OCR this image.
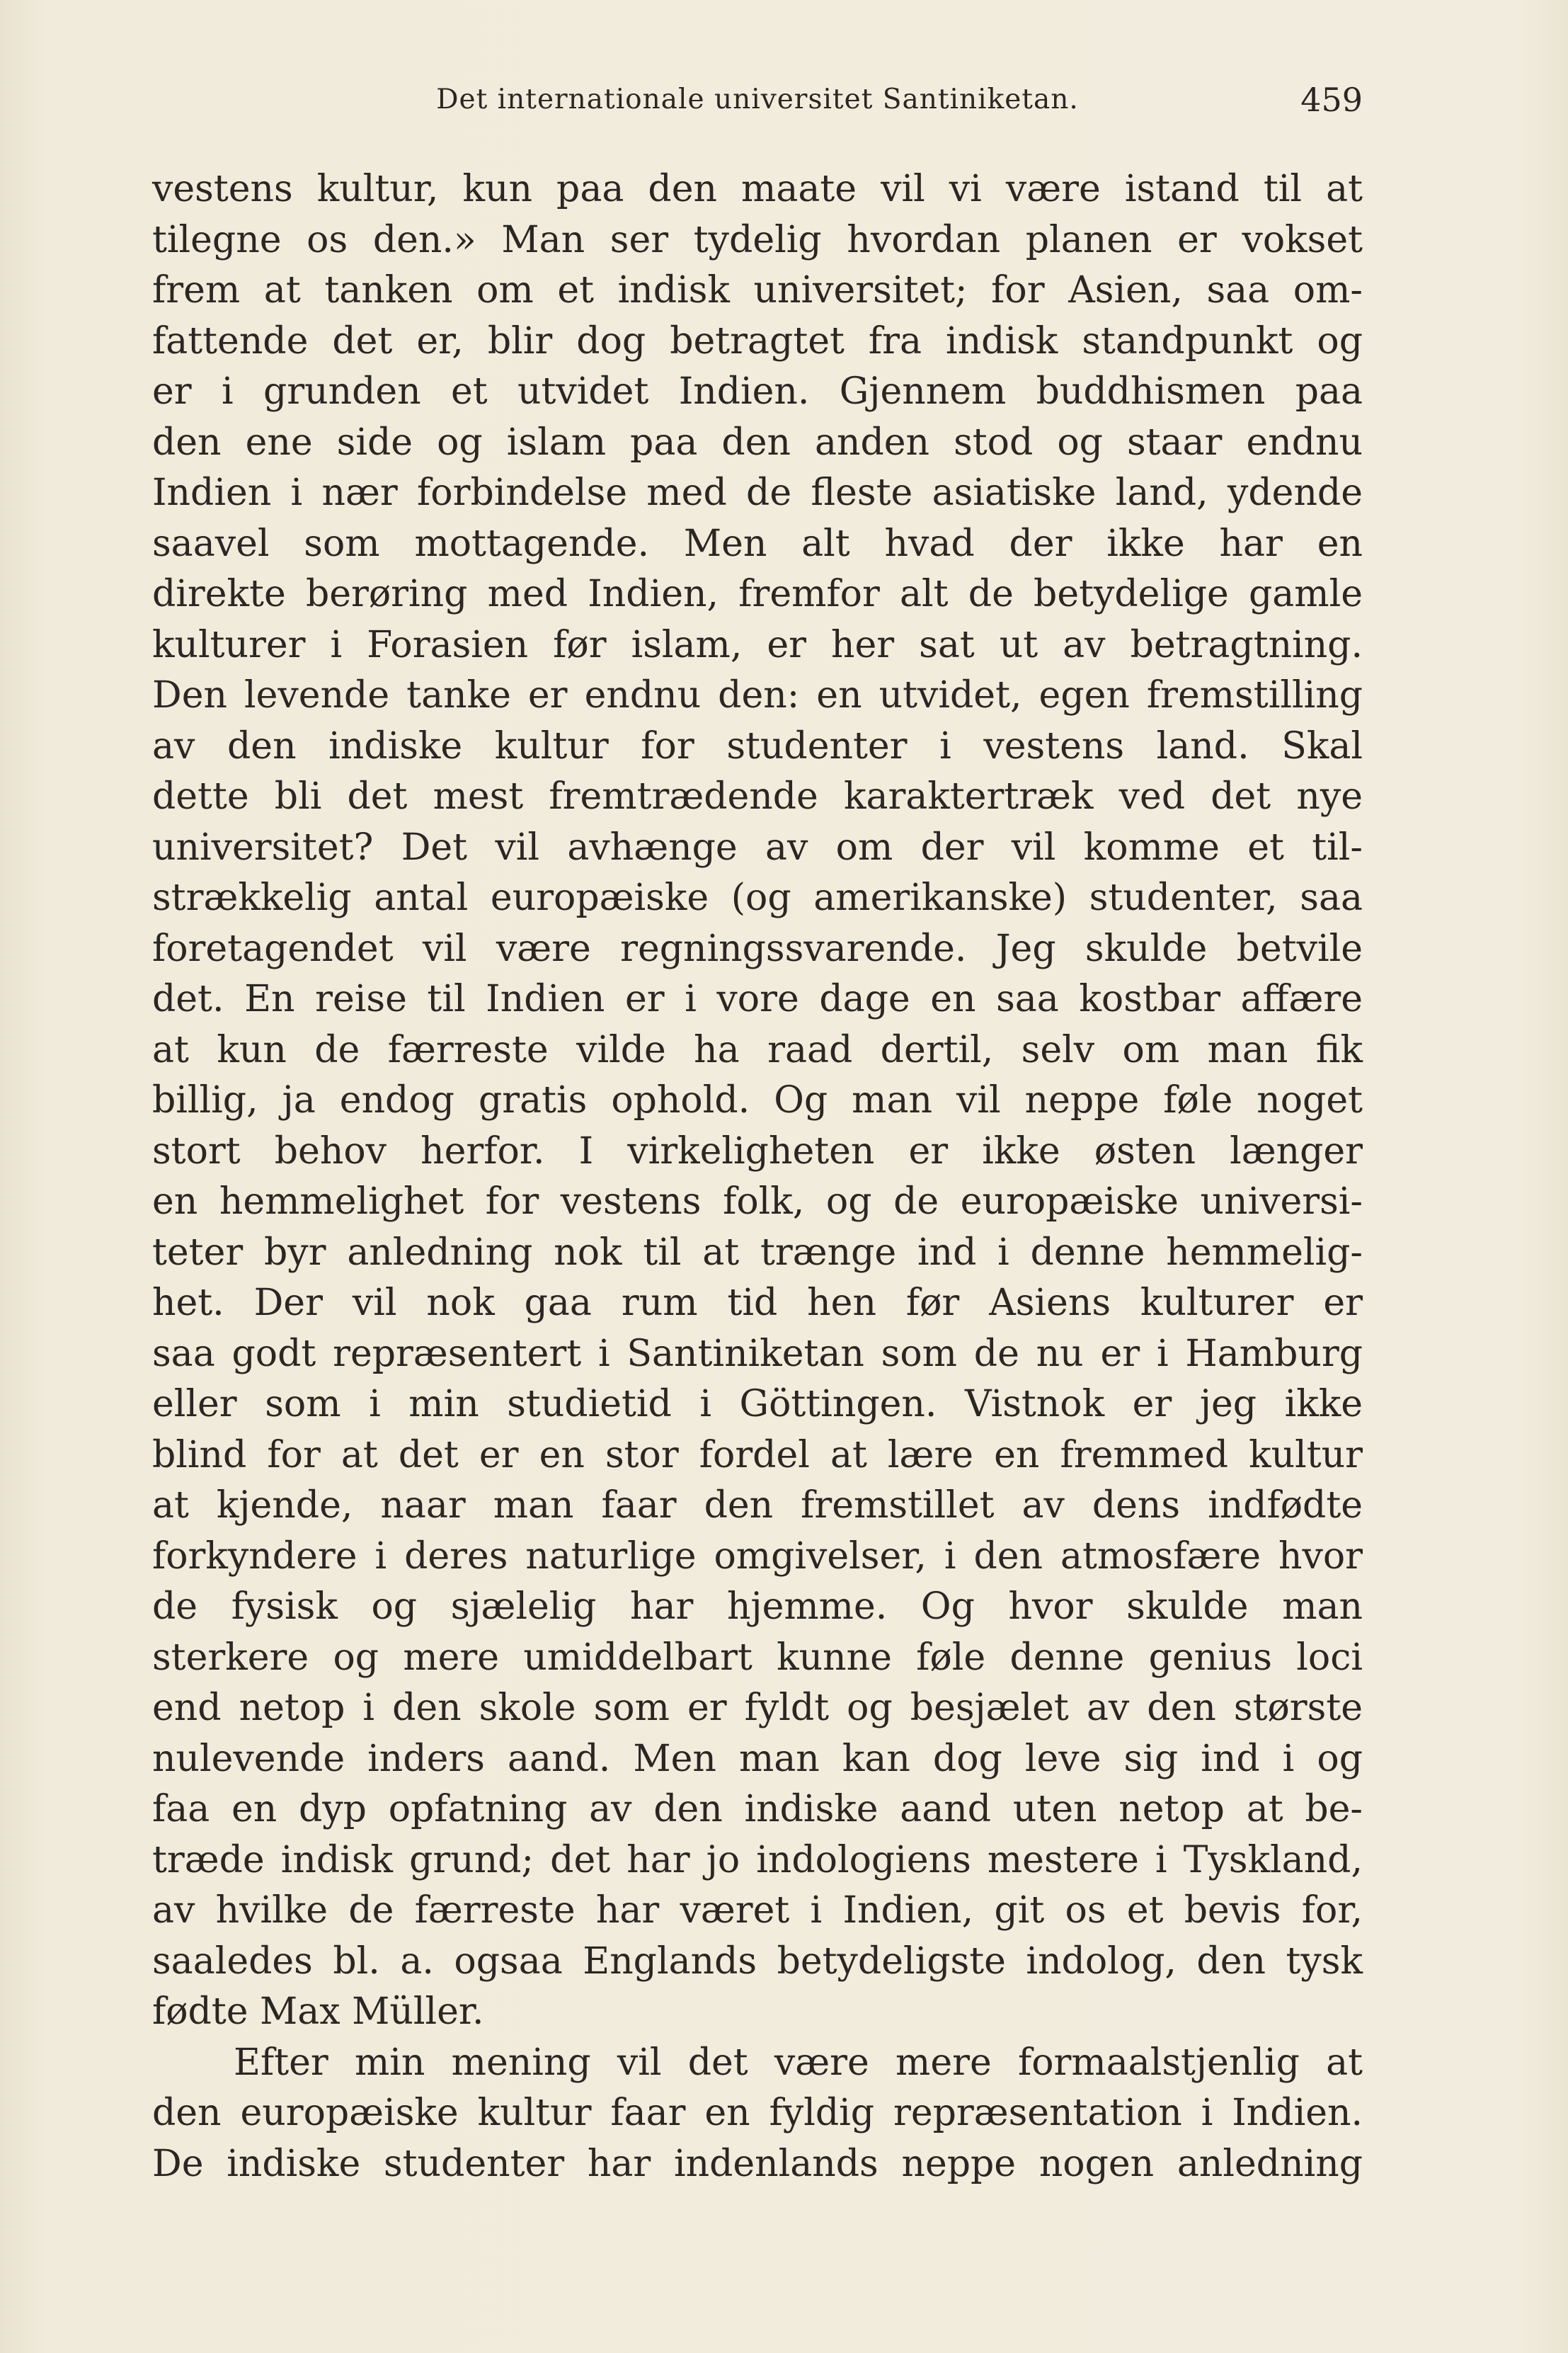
Det internationale universitet Santiniketan.	459
vestens kultur, kun paa den maate vil vi være istand til at
tilegne os den.» Man ser tydelig hvordan planen er vokset
frem at tanken om et indisk universitet; for Asien, saa om-
fattende det er, blir dog betragtet fra indisk standpunkt og
er i grunden et utvidet Indien. Gjennem buddhismen paa
den ene side og islam paa den anden stod og staar endnu
Indien i nær forbindelse med de fleste asiatiske land, ydende
saavel som mottagende. Men alt hvad der ikke har en
direkte berøring med Indien, fremfor alt de betydelige gamle
kulturer i Forasien før islam, er her sat ut av betragtning.
Den levende tanke er endnu den: en utvidet, egen fremstilling
av den indiske kultur for studenter i vestens land. Skal
dette bli det mest fremtrædende karaktertræk ved det nye
universitet? Det vil avhænge av om der vil komme et til-
strækkelig antal europæiske (og amerikanske) studenter, saa
foretagendet vil være regningssvarende. Jeg skulde betvile
det. En reise til Indien er i vore dage en saa kostbar affære
at kun de færreste vilde ha raad dertil, selv om man fik
billig, ja endog gratis ophold. Og man vil neppe føle noget
stort behov herfor. I virkeligheten er ikke østen længer
en hemmelighet for vestens folk, og de europæiske universi-
teter byr anledning nok til at trænge ind i denne hemmelig-
het. Der vil nok gaa rum tid hen før Asiens kulturer er
saa godt repræsentert i Santiniketan som de nu er i Hamburg
eller som i min studietid i Göttingen. Vistnok er jeg ikke
blind for at det er en stor fordel at lære en fremmed kultur
at kjende, naar man faar den fremstillet av dens indfødte
forkyndere i deres naturlige omgivelser, i den atmosfære hvor
de fysisk og sjælelig har hjemme. Og hvor skulde man
sterkere og mere umiddelbart kunne føle denne genius loci
end netop i den skole som er fyldt og besjælet av den største
nulevende inders aand. Men man kan dog leve sig ind i og
faa en dyp opfatning av den indiske aand uten netop at be-
træde indisk grund; det har jo indologiens mestere i Tyskland,
av hvilke de færreste har været i Indien, git os et bevis for,
saaledes bl. a. ogsaa Englands betydeligste indolog, den tysk
fødte Max Müller.
Efter min mening vil det være mere formaalstjenlig at
den europæiske kultur faar en fyldig repræsentation i Indien.
De indiske studenter har indenlands neppe nogen anledning
